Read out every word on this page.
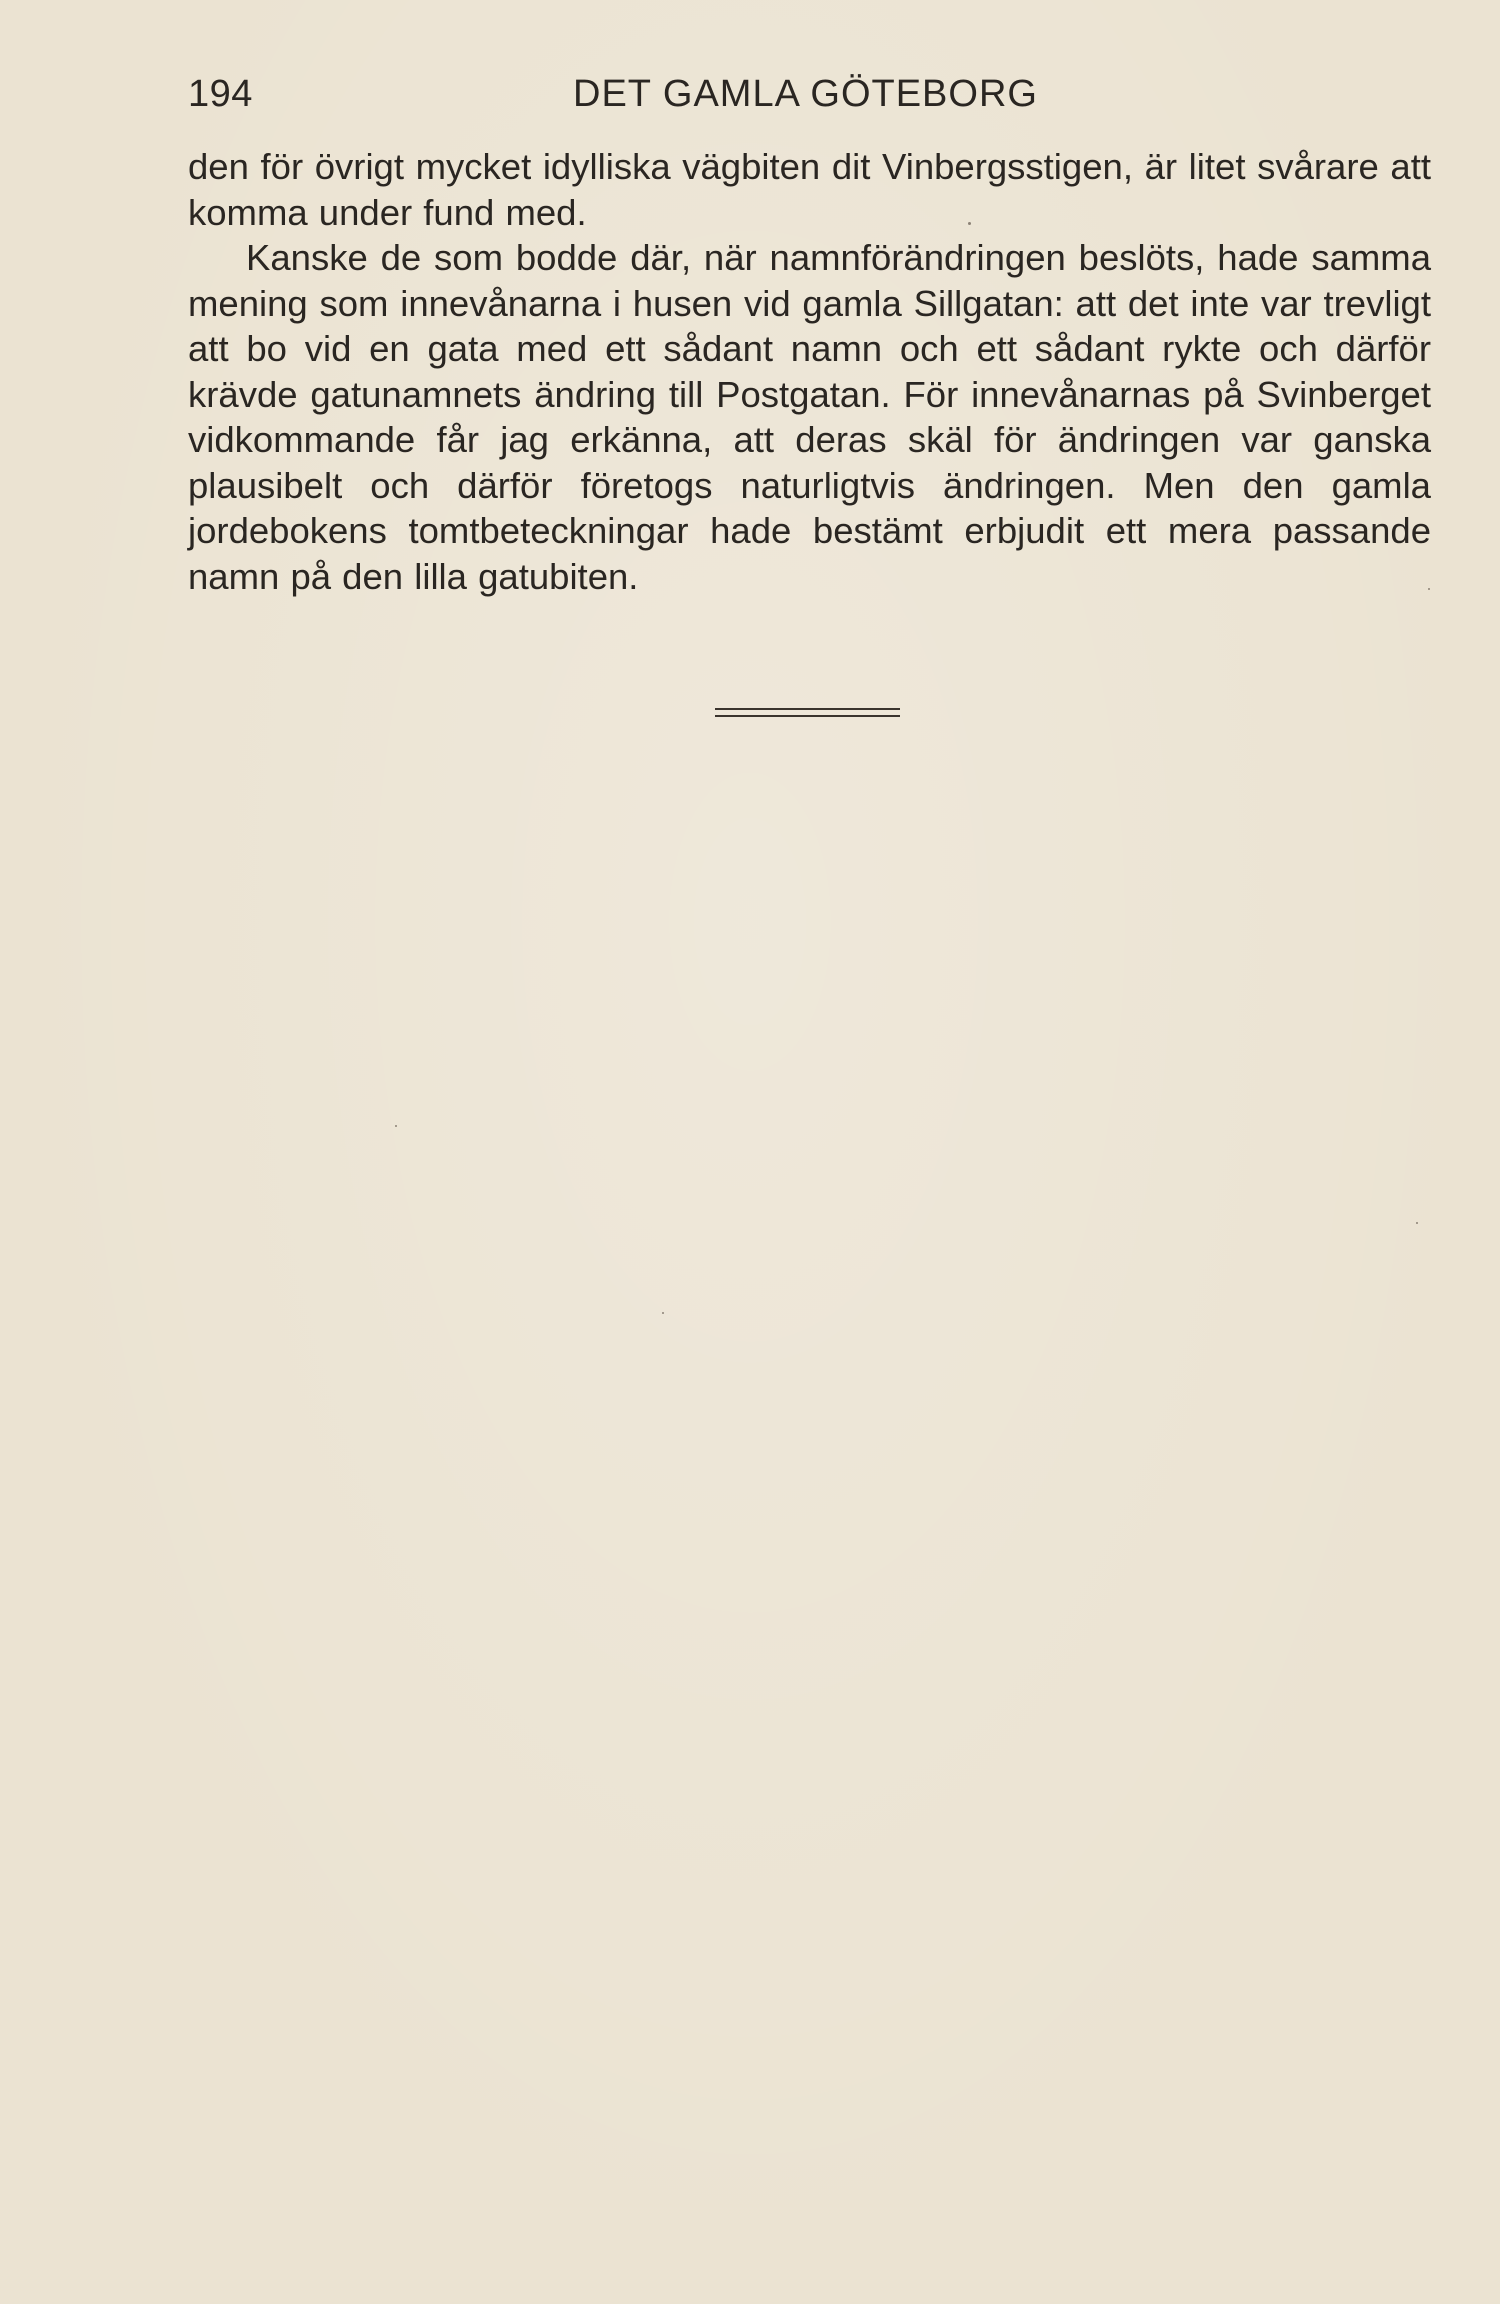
194	DET GAMLA GÖTEBORG

den för övrigt mycket idylliska vägbiten dit Vinbergsstigen, är litet svårare att komma under fund med.

Kanske de som bodde där, när namnförändringen beslöts, hade samma mening som innevånarna i husen vid gamla Sillgatan: att det inte var trevligt att bo vid en gata med ett sådant namn och ett sådant rykte och därför krävde gatunamnets ändring till Postgatan. För innevånarnas på Svinberget vidkommande får jag erkänna, att deras skäl för ändringen var ganska plausibelt och därför företogs naturligtvis ändringen. Men den gamla jordebokens tomtbeteckningar hade bestämt erbjudit ett mera passande namn på den lilla gatubiten.
